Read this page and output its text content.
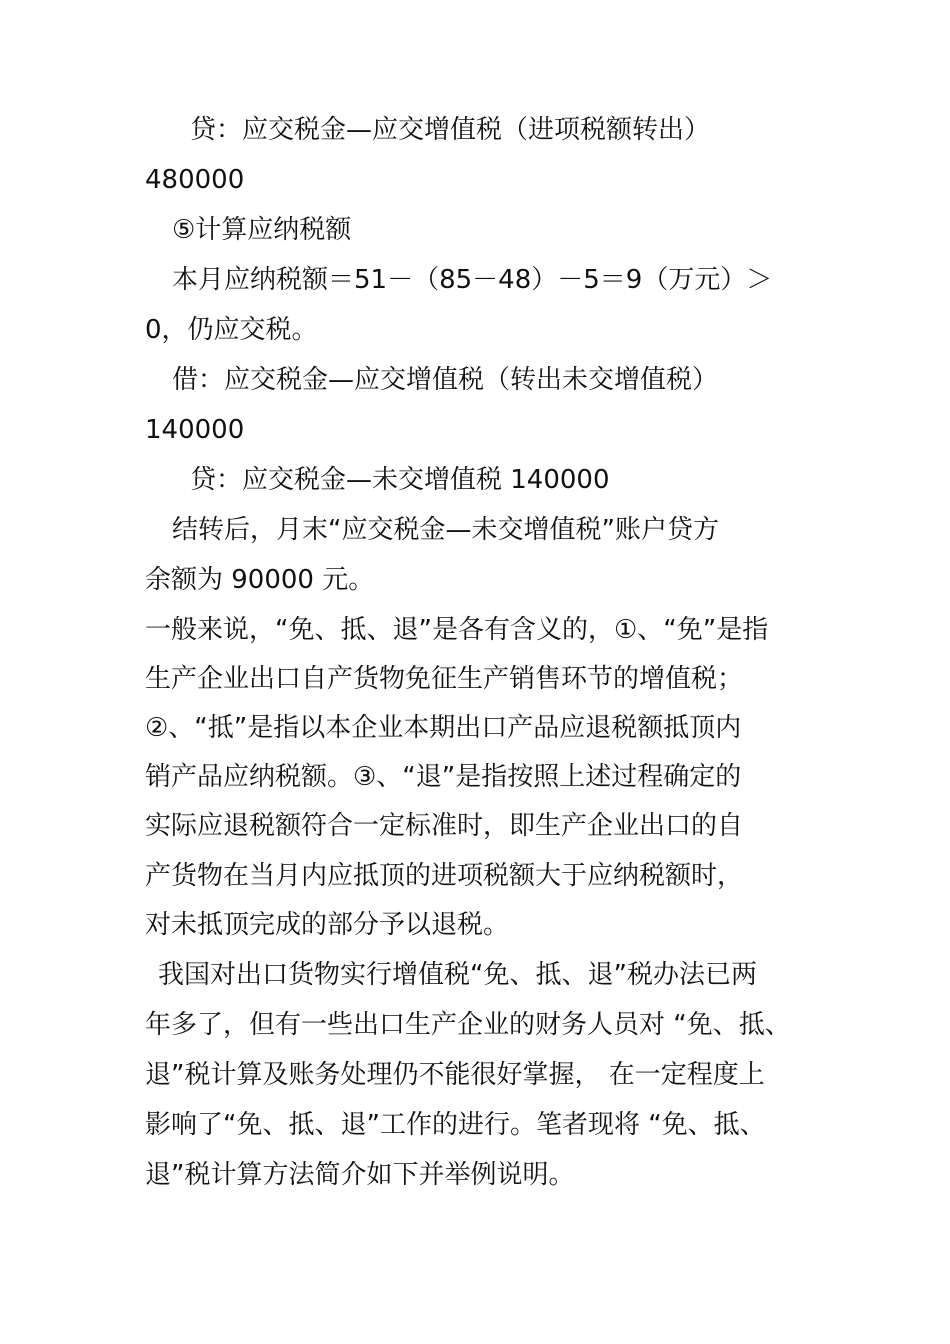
贷：应交税金—应交增值税（进项税额转出）
480000
⑤计算应纳税额
本月应纳税额＝51－（85－48）－5＝9（万元）＞
0，仍应交税。
借：应交税金—应交增值税（转出未交增值税）
140000
贷：应交税金—未交增值税 140000
结转后，月末“应交税金—未交增值税”账户贷方
余额为 90000 元。
一般来说，“免、抵、退”是各有含义的，①、“免”是指
生产企业出口自产货物免征生产销售环节的增值税；
②、“抵”是指以本企业本期出口产品应退税额抵顶内
销产品应纳税额。③、“退”是指按照上述过程确定的
实际应退税额符合一定标准时，即生产企业出口的自
产货物在当月内应抵顶的进项税额大于应纳税额时，
对未抵顶完成的部分予以退税。
我国对出口货物实行增值税“免、抵、退”税办法已两
年多了，但有一些出口生产企业的财务人员对 “免、抵、
退”税计算及账务处理仍不能很好掌握， 在一定程度上
影响了“免、抵、退”工作的进行。笔者现将 “免、抵、
退”税计算方法简介如下并举例说明。
